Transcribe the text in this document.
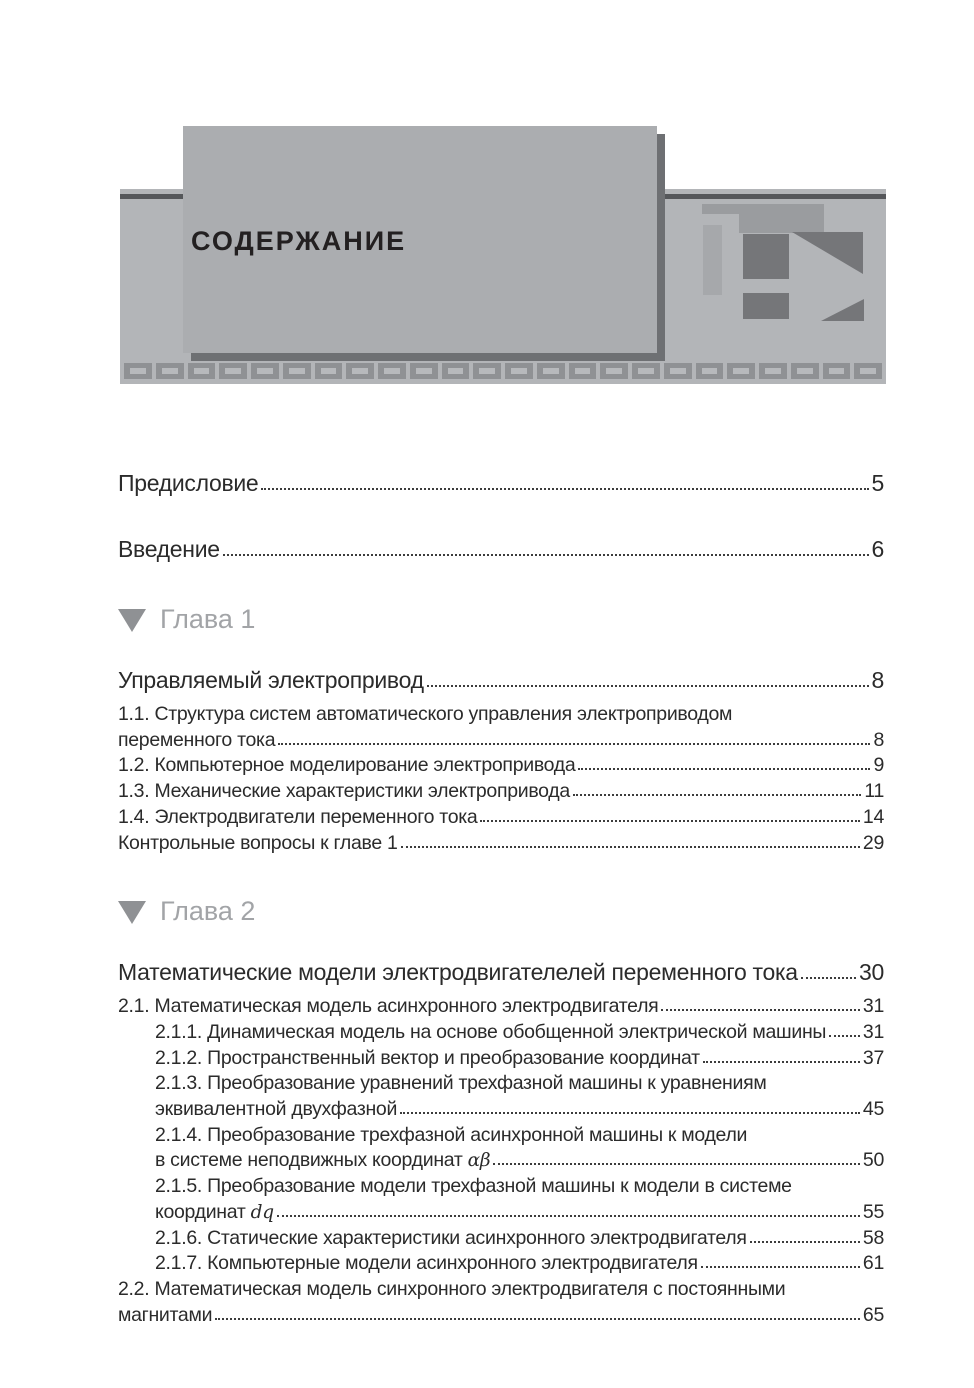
СОДЕРЖАНИЕ
Предисловие	5
Введение	6
Глава 1
Управляемый электропривод	8
1.1. Структура систем автоматического управления электроприводом
переменного тока	8
1.2. Компьютерное моделирование электропривода	9
1.3. Механические характеристики электропривода	11
1.4. Электродвигатели переменного тока	14
Контрольные вопросы к главе 1	29
Глава 2
Математические модели электродвигателелей переменного тока	30
2.1. Математическая модель асинхронного электродвигателя	31
2.1.1. Динамическая модель на основе обобщенной электрической машины 31
2.1.2. Пространственный вектор и преобразование координат	37
2.1.3. Преобразование уравнений трехфазной машины к уравнениям
эквивалентной двухфазной	45
2.1.4. Преобразование трехфазной асинхронной машины к модели
в системе неподвижных координат αβ	50
2.1.5. Преобразование модели трехфазной машины к модели в системе
координат dq	55
2.1.6. Статические характеристики асинхронного электродвигателя	58
2.1.7. Компьютерные модели асинхронного электродвигателя	61
2.2. Математическая модель синхронного электродвигателя с постоянными
магнитами	65
